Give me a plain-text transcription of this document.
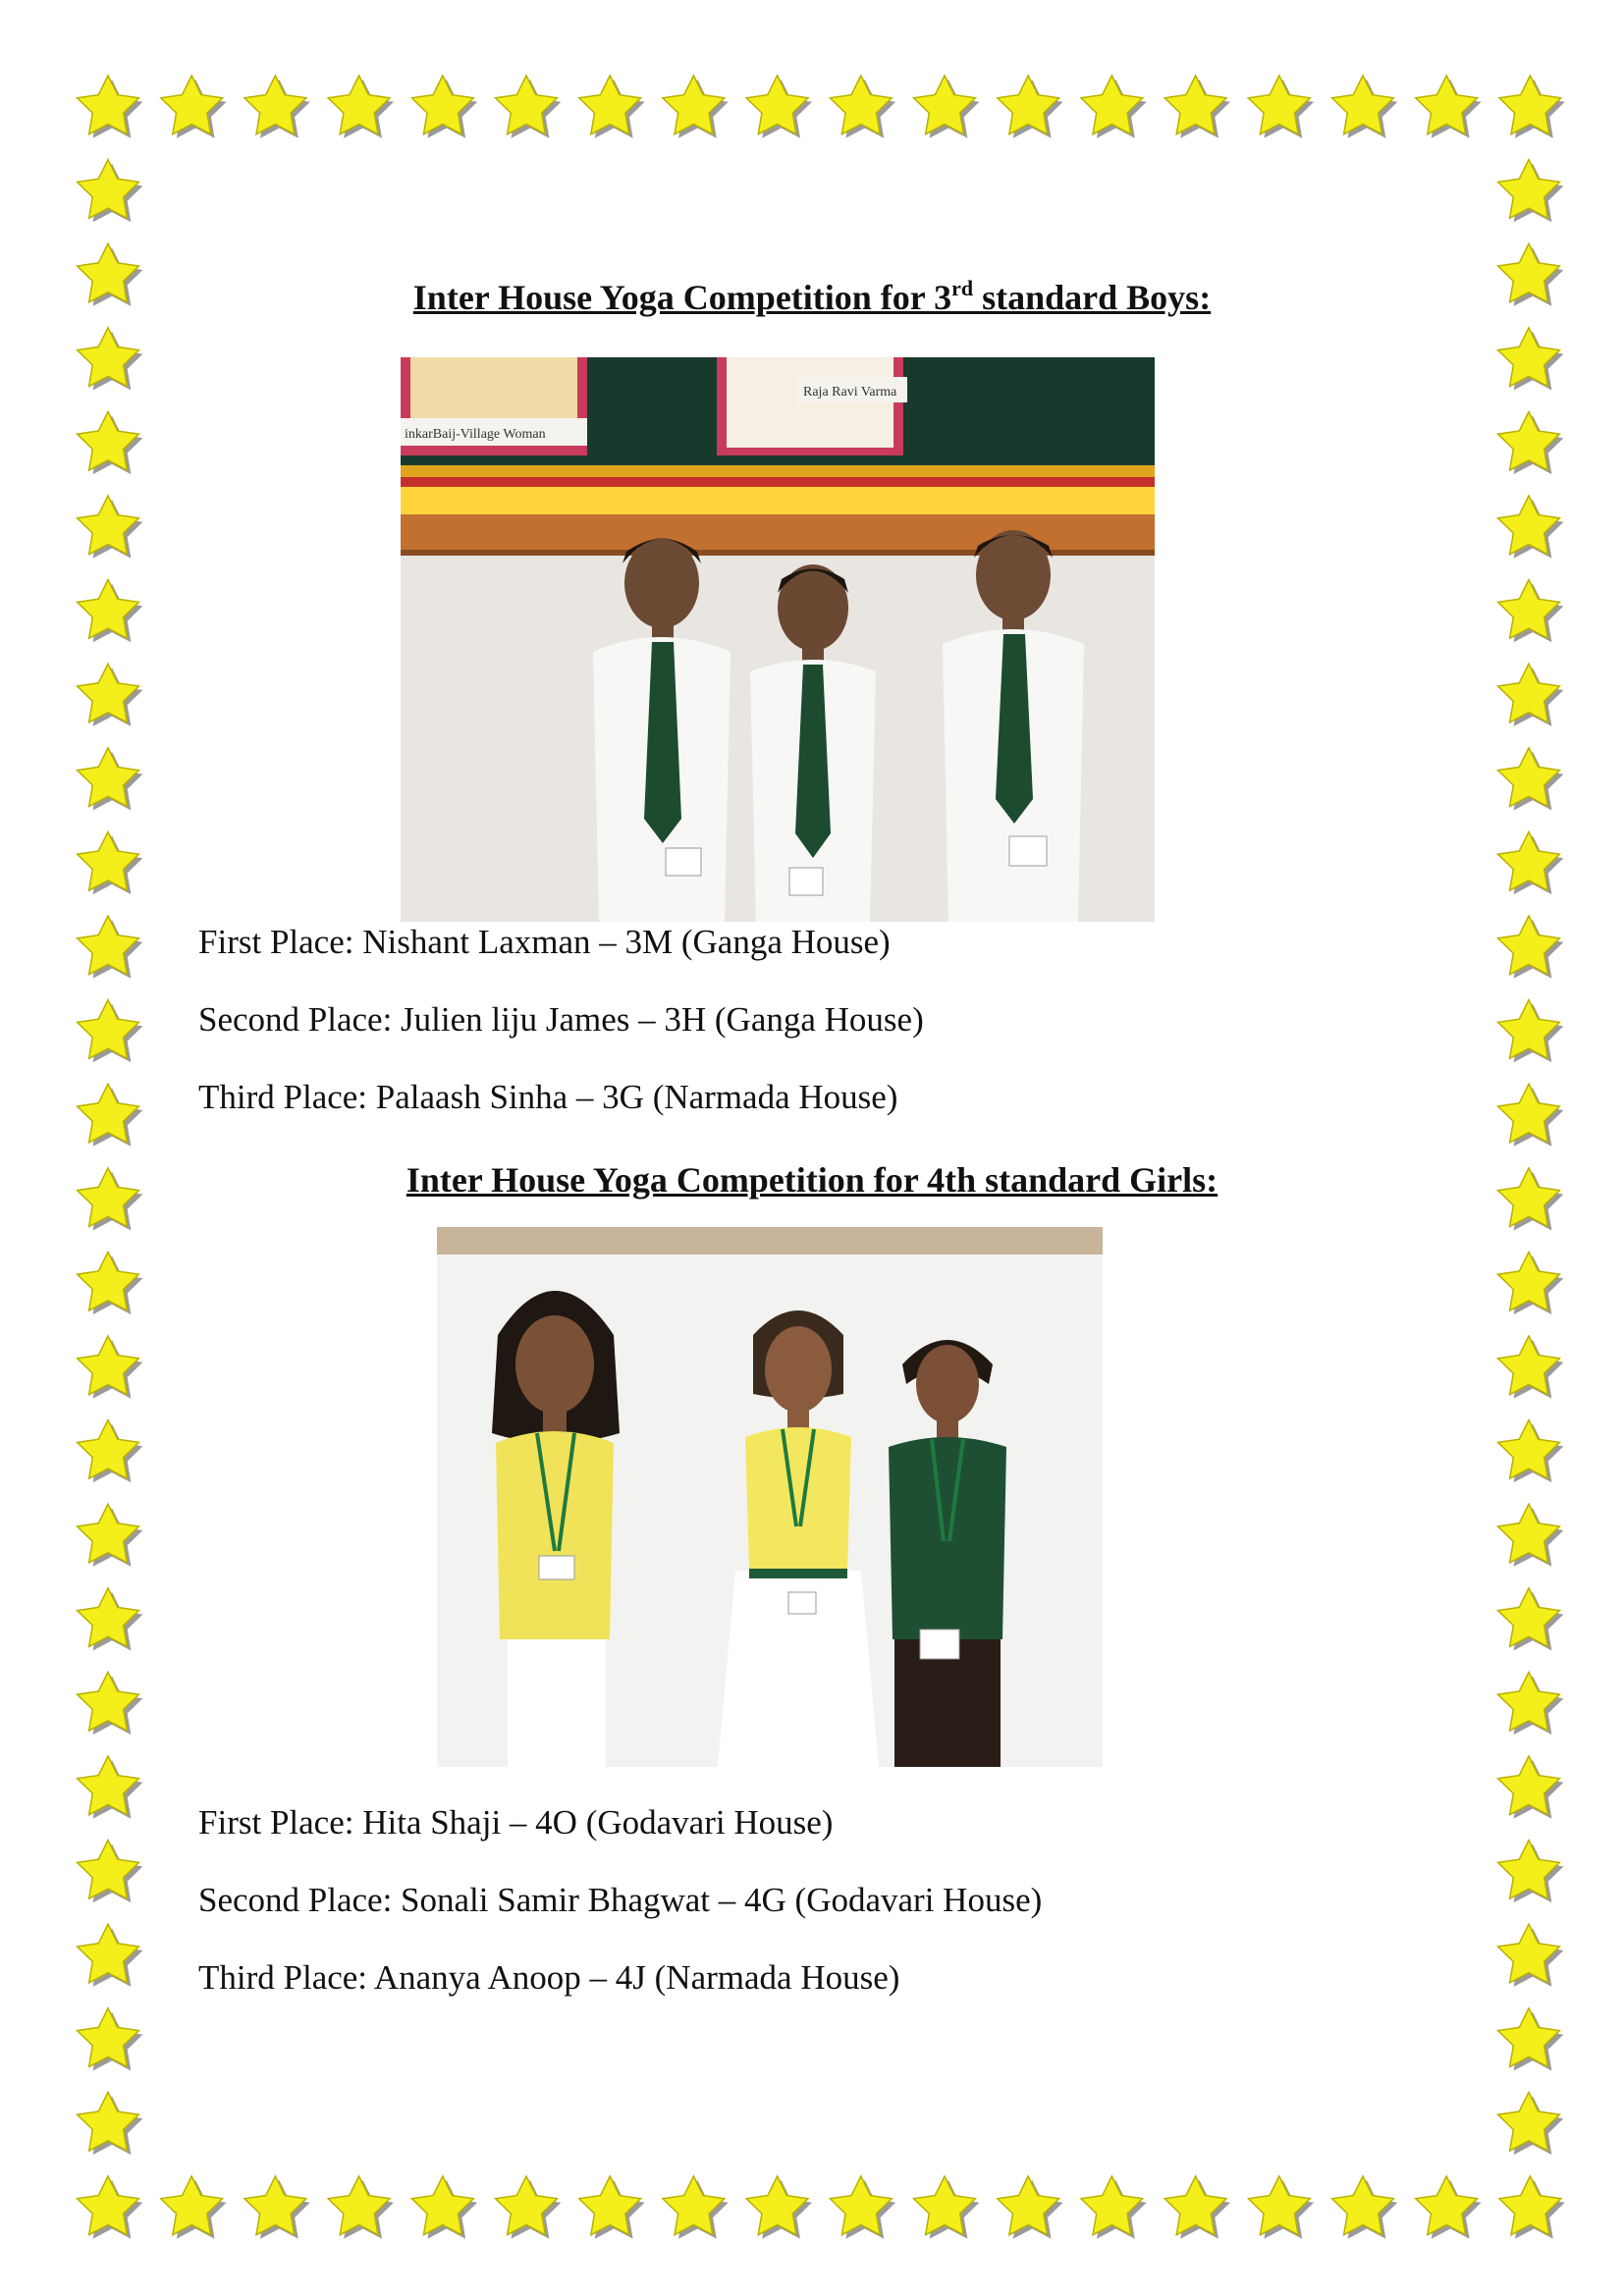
Inter House Yoga Competition for 3rd standard Boys:
inkarBaij-Village Woman
Raja Ravi Varma
First Place: Nishant Laxman – 3M (Ganga House)
Second Place: Julien liju James – 3H (Ganga House)
Third Place: Palaash Sinha – 3G (Narmada House)
Inter House Yoga Competition for 4th standard Girls:
First Place: Hita Shaji – 4O (Godavari House)
Second Place: Sonali Samir Bhagwat – 4G (Godavari House)
Third Place: Ananya Anoop – 4J (Narmada House)
